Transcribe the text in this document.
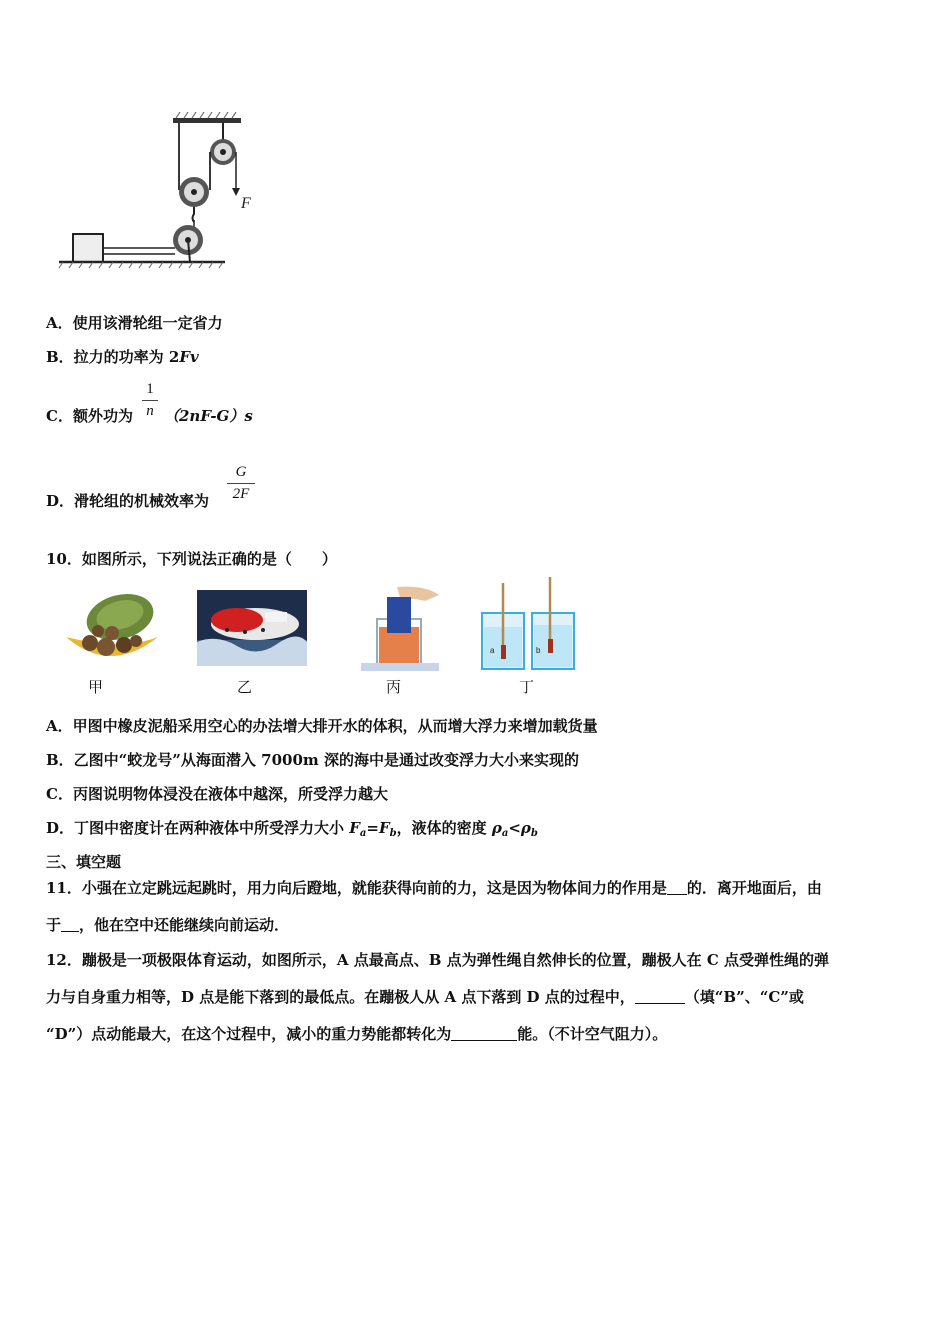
F
A．使用该滑轮组一定省力
B．拉力的功率为 2Fv
C．额外功为
1
n （2nF-G）s
D．滑轮组的机械效率为
G
2F
10．如图所示，下列说法正确的是（　　）
甲	乙	丙
a	b
丁
A．甲图中橡皮泥船采用空心的办法增大排开水的体积，从而增大浮力来增加载货量
B．乙图中“蛟龙号”从海面潜入 7000m 深的海中是通过改变浮力大小来实现的
C．丙图说明物体浸没在液体中越深，所受浮力越大
D．丁图中密度计在两种液体中所受浮力大小 $F_a=F_b$，液体的密度 $\rho_a<\rho_b$
三、填空题
11．小强在立定跳远起跳时，用力向后蹬地，就能获得向前的力，这是因为物体间力的作用是 的．离开地面后，由
于 ，他在空中还能继续向前运动．
12．蹦极是一项极限体育运动，如图所示，A 点最高点、B 点为弹性绳自然伸长的位置，蹦极人在 C 点受弹性绳的弹
力与自身重力相等，D 点是能下落到的最低点。在蹦极人从 A 点下落到 D 点的过程中，	（填“B”、“C”或
“D”）点动能最大，在这个过程中，减小的重力势能都转化为	能。（不计空气阻力）。
